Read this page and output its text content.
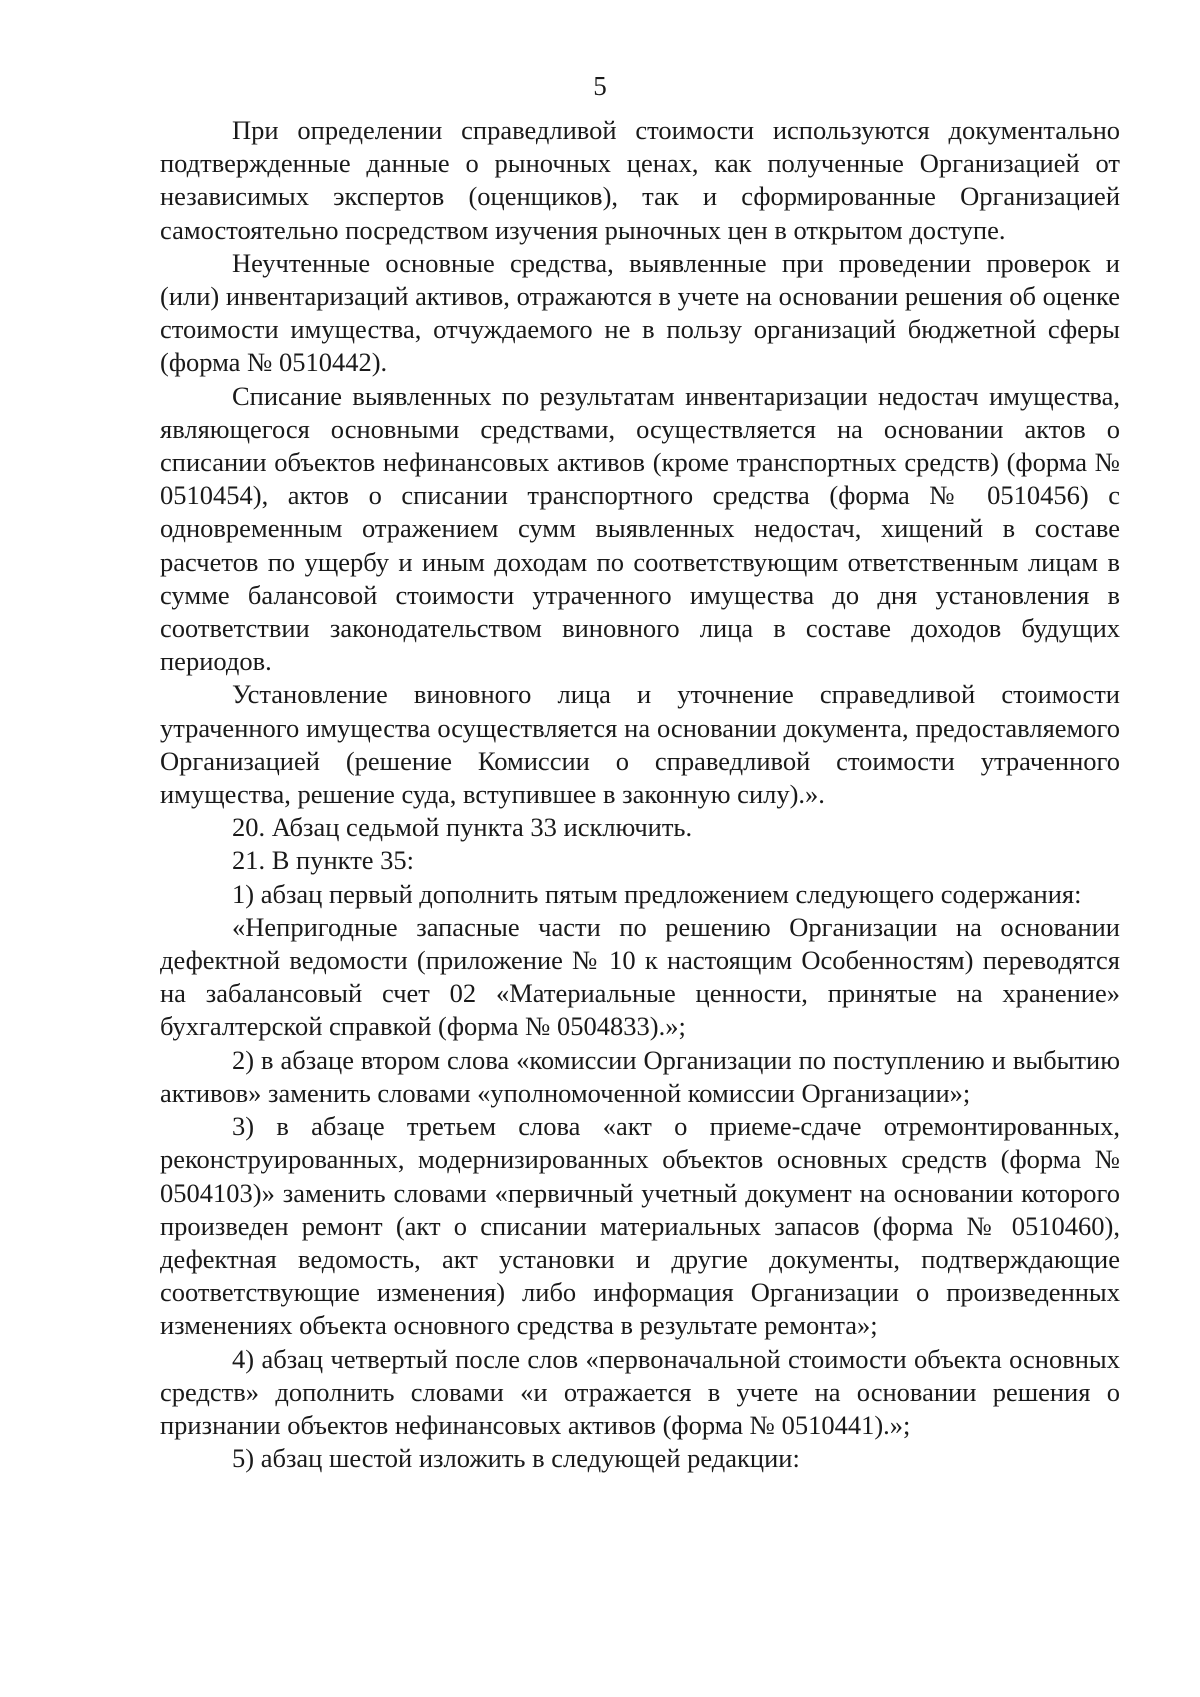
5

При определении справедливой стоимости используются документально подтвержденные данные о рыночных ценах, как полученные Организацией от независимых экспертов (оценщиков), так и сформированные Организацией самостоятельно посредством изучения рыночных цен в открытом доступе.

Неучтенные основные средства, выявленные при проведении проверок и (или) инвентаризаций активов, отражаются в учете на основании решения об оценке стоимости имущества, отчуждаемого не в пользу организаций бюджетной сферы (форма № 0510442).

Списание выявленных по результатам инвентаризации недостач имущества, являющегося основными средствами, осуществляется на основании актов о списании объектов нефинансовых активов (кроме транспортных средств) (форма № 0510454), актов о списании транспортного средства (форма № 0510456) с одновременным отражением сумм выявленных недостач, хищений в составе расчетов по ущербу и иным доходам по соответствующим ответственным лицам в сумме балансовой стоимости утраченного имущества до дня установления в соответствии законодательством виновного лица в составе доходов будущих периодов.

Установление виновного лица и уточнение справедливой стоимости утраченного имущества осуществляется на основании документа, предоставляемого Организацией (решение Комиссии о справедливой стоимости утраченного имущества, решение суда, вступившее в законную силу).».

20. Абзац седьмой пункта 33 исключить.

21. В пункте 35:

1) абзац первый дополнить пятым предложением следующего содержания:

«Непригодные запасные части по решению Организации на основании дефектной ведомости (приложение № 10 к настоящим Особенностям) переводятся на забалансовый счет 02 «Материальные ценности, принятые на хранение» бухгалтерской справкой (форма № 0504833).»;

2) в абзаце втором слова «комиссии Организации по поступлению и выбытию активов» заменить словами «уполномоченной комиссии Организации»;

3) в абзаце третьем слова «акт о приеме-сдаче отремонтированных, реконструированных, модернизированных объектов основных средств (форма № 0504103)» заменить словами «первичный учетный документ на основании которого произведен ремонт (акт о списании материальных запасов (форма № 0510460), дефектная ведомость, акт установки и другие документы, подтверждающие соответствующие изменения) либо информация Организации о произведенных изменениях объекта основного средства в результате ремонта»;

4) абзац четвертый после слов «первоначальной стоимости объекта основных средств» дополнить словами «и отражается в учете на основании решения о признании объектов нефинансовых активов (форма № 0510441).»;

5) абзац шестой изложить в следующей редакции:
